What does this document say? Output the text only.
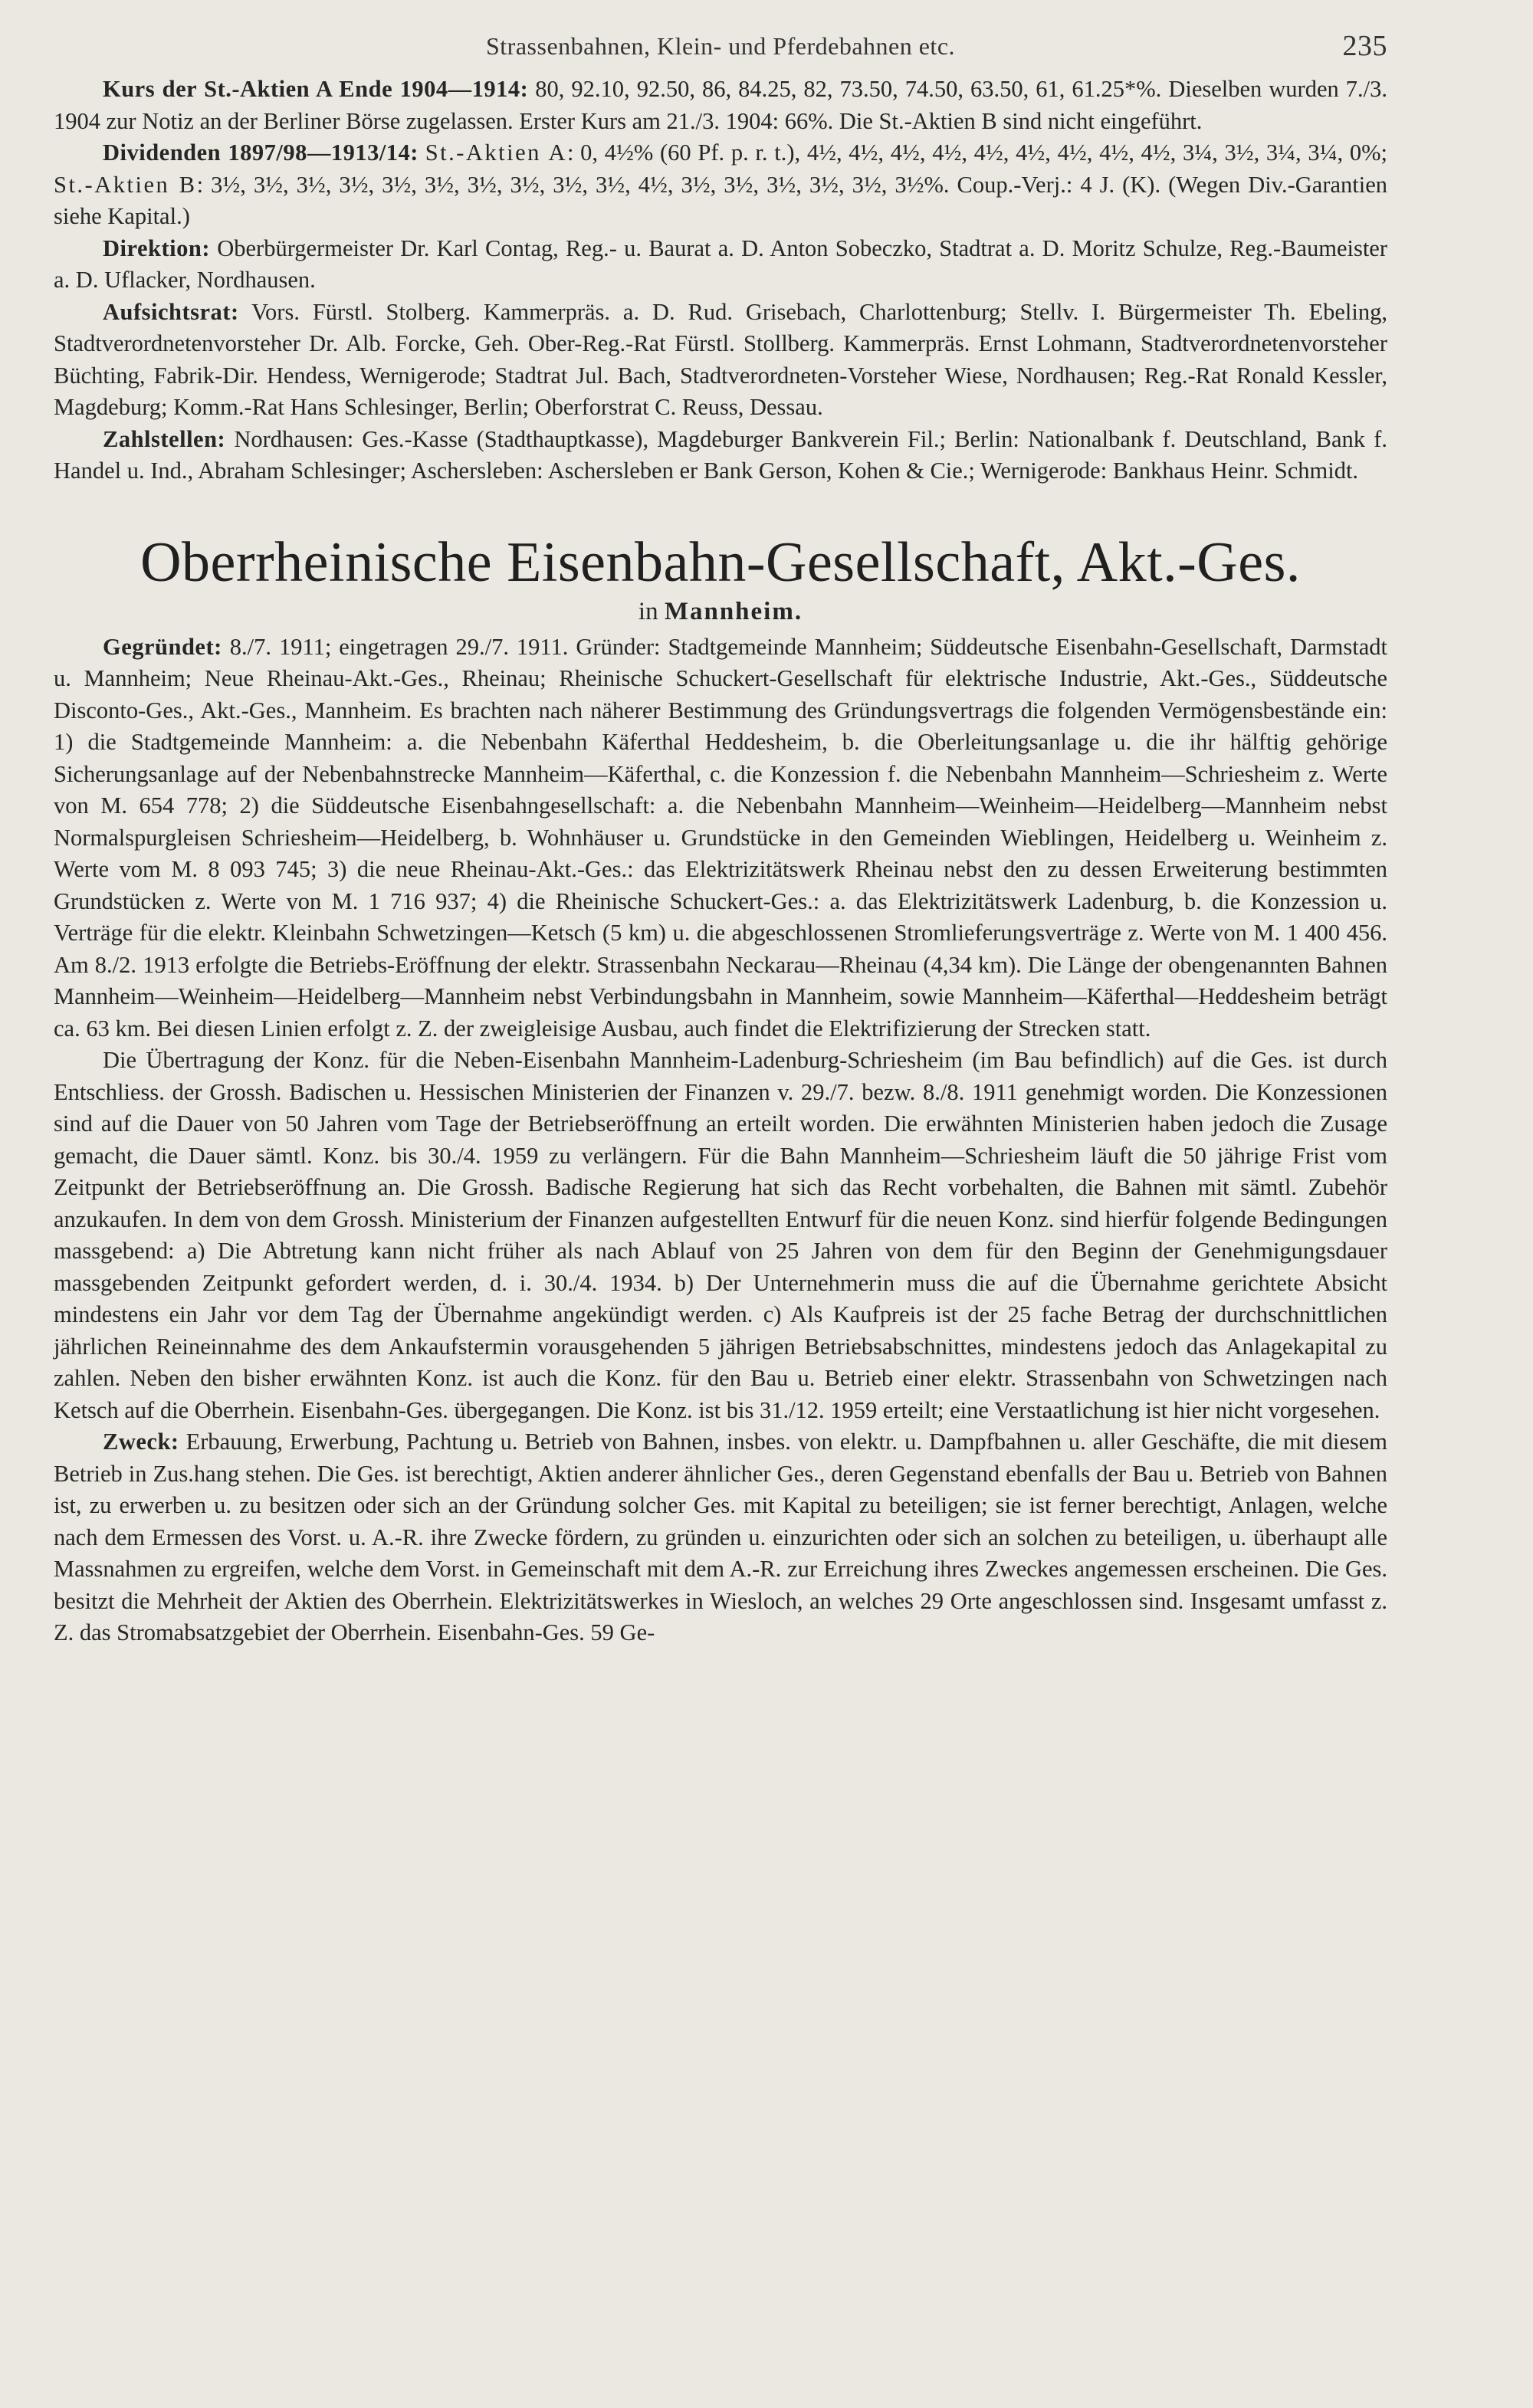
Strassenbahnen, Klein- und Pferdebahnen etc.	235

Kurs der St.-Aktien A Ende 1904—1914: 80, 92.10, 92.50, 86, 84.25, 82, 73.50, 74.50, 63.50, 61, 61.25*%. Dieselben wurden 7./3. 1904 zur Notiz an der Berliner Börse zugelassen. Erster Kurs am 21./3. 1904: 66%. Die St.-Aktien B sind nicht eingeführt.

Dividenden 1897/98—1913/14: St.-Aktien A: 0, 4½% (60 Pf. p. r. t.), 4½, 4½, 4½, 4½, 4½, 4½, 4½, 4½, 4½, 3¼, 3½, 3¼, 3¼, 0%; St.-Aktien B: 3½, 3½, 3½, 3½, 3½, 3½, 3½, 3½, 3½, 3½, 4½, 3½, 3½, 3½, 3½, 3½, 3½%. Coup.-Verj.: 4 J. (K). (Wegen Div.-Garantien siehe Kapital.)

Direktion: Oberbürgermeister Dr. Karl Contag, Reg.- u. Baurat a. D. Anton Sobeczko, Stadtrat a. D. Moritz Schulze, Reg.-Baumeister a. D. Uflacker, Nordhausen.

Aufsichtsrat: Vors. Fürstl. Stolberg. Kammerpräs. a. D. Rud. Grisebach, Charlottenburg; Stellv. I. Bürgermeister Th. Ebeling, Stadtverordnetenvorsteher Dr. Alb. Forcke, Geh. Ober-Reg.-Rat Fürstl. Stollberg. Kammerpräs. Ernst Lohmann, Stadtverordnetenvorsteher Büchting, Fabrik-Dir. Hendess, Wernigerode; Stadtrat Jul. Bach, Stadtverordneten-Vorsteher Wiese, Nordhausen; Reg.-Rat Ronald Kessler, Magdeburg; Komm.-Rat Hans Schlesinger, Berlin; Oberforstrat C. Reuss, Dessau.

Zahlstellen: Nordhausen: Ges.-Kasse (Stadthauptkasse), Magdeburger Bankverein Fil.; Berlin: Nationalbank f. Deutschland, Bank f. Handel u. Ind., Abraham Schlesinger; Aschersleben: Aschersleben er Bank Gerson, Kohen & Cie.; Wernigerode: Bankhaus Heinr. Schmidt.

Oberrheinische Eisenbahn-Gesellschaft, Akt.-Ges.
in Mannheim.

Gegründet: 8./7. 1911; eingetragen 29./7. 1911. Gründer: Stadtgemeinde Mannheim; Süddeutsche Eisenbahn-Gesellschaft, Darmstadt u. Mannheim; Neue Rheinau-Akt.-Ges., Rheinau; Rheinische Schuckert-Gesellschaft für elektrische Industrie, Akt.-Ges., Süddeutsche Disconto-Ges., Akt.-Ges., Mannheim. Es brachten nach näherer Bestimmung des Gründungsvertrags die folgenden Vermögensbestände ein: 1) die Stadtgemeinde Mannheim: a. die Nebenbahn Käferthal Heddesheim, b. die Oberleitungsanlage u. die ihr hälftig gehörige Sicherungsanlage auf der Nebenbahnstrecke Mannheim—Käferthal, c. die Konzession f. die Nebenbahn Mannheim—Schriesheim z. Werte von M. 654 778; 2) die Süddeutsche Eisenbahngesellschaft: a. die Nebenbahn Mannheim—Weinheim—Heidelberg—Mannheim nebst Normalspurgleisen Schriesheim—Heidelberg, b. Wohnhäuser u. Grundstücke in den Gemeinden Wieblingen, Heidelberg u. Weinheim z. Werte vom M. 8 093 745; 3) die neue Rheinau-Akt.-Ges.: das Elektrizitätswerk Rheinau nebst den zu dessen Erweiterung bestimmten Grundstücken z. Werte von M. 1 716 937; 4) die Rheinische Schuckert-Ges.: a. das Elektrizitätswerk Ladenburg, b. die Konzession u. Verträge für die elektr. Kleinbahn Schwetzingen—Ketsch (5 km) u. die abgeschlossenen Stromlieferungsverträge z. Werte von M. 1 400 456. Am 8./2. 1913 erfolgte die Betriebs-Eröffnung der elektr. Strassenbahn Neckarau—Rheinau (4,34 km). Die Länge der obengenannten Bahnen Mannheim—Weinheim—Heidelberg—Mannheim nebst Verbindungsbahn in Mannheim, sowie Mannheim—Käferthal—Heddesheim beträgt ca. 63 km. Bei diesen Linien erfolgt z. Z. der zweigleisige Ausbau, auch findet die Elektrifizierung der Strecken statt.

Die Übertragung der Konz. für die Neben-Eisenbahn Mannheim-Ladenburg-Schriesheim (im Bau befindlich) auf die Ges. ist durch Entschliess. der Grossh. Badischen u. Hessischen Ministerien der Finanzen v. 29./7. bezw. 8./8. 1911 genehmigt worden. Die Konzessionen sind auf die Dauer von 50 Jahren vom Tage der Betriebseröffnung an erteilt worden. Die erwähnten Ministerien haben jedoch die Zusage gemacht, die Dauer sämtl. Konz. bis 30./4. 1959 zu verlängern. Für die Bahn Mannheim—Schriesheim läuft die 50 jährige Frist vom Zeitpunkt der Betriebseröffnung an. Die Grossh. Badische Regierung hat sich das Recht vorbehalten, die Bahnen mit sämtl. Zubehör anzukaufen. In dem von dem Grossh. Ministerium der Finanzen aufgestellten Entwurf für die neuen Konz. sind hierfür folgende Bedingungen massgebend: a) Die Abtretung kann nicht früher als nach Ablauf von 25 Jahren von dem für den Beginn der Genehmigungsdauer massgebenden Zeitpunkt gefordert werden, d. i. 30./4. 1934. b) Der Unternehmerin muss die auf die Übernahme gerichtete Absicht mindestens ein Jahr vor dem Tag der Übernahme angekündigt werden. c) Als Kaufpreis ist der 25 fache Betrag der durchschnittlichen jährlichen Reineinnahme des dem Ankaufstermin vorausgehenden 5 jährigen Betriebsabschnittes, mindestens jedoch das Anlagekapital zu zahlen. Neben den bisher erwähnten Konz. ist auch die Konz. für den Bau u. Betrieb einer elektr. Strassenbahn von Schwetzingen nach Ketsch auf die Oberrhein. Eisenbahn-Ges. übergegangen. Die Konz. ist bis 31./12. 1959 erteilt; eine Verstaatlichung ist hier nicht vorgesehen.

Zweck: Erbauung, Erwerbung, Pachtung u. Betrieb von Bahnen, insbes. von elektr. u. Dampfbahnen u. aller Geschäfte, die mit diesem Betrieb in Zus.hang stehen. Die Ges. ist berechtigt, Aktien anderer ähnlicher Ges., deren Gegenstand ebenfalls der Bau u. Betrieb von Bahnen ist, zu erwerben u. zu besitzen oder sich an der Gründung solcher Ges. mit Kapital zu beteiligen; sie ist ferner berechtigt, Anlagen, welche nach dem Ermessen des Vorst. u. A.-R. ihre Zwecke fördern, zu gründen u. einzurichten oder sich an solchen zu beteiligen, u. überhaupt alle Massnahmen zu ergreifen, welche dem Vorst. in Gemeinschaft mit dem A.-R. zur Erreichung ihres Zweckes angemessen erscheinen. Die Ges. besitzt die Mehrheit der Aktien des Oberrhein. Elektrizitätswerkes in Wiesloch, an welches 29 Orte angeschlossen sind. Insgesamt umfasst z. Z. das Stromabsatzgebiet der Oberrhein. Eisenbahn-Ges. 59 Ge-
